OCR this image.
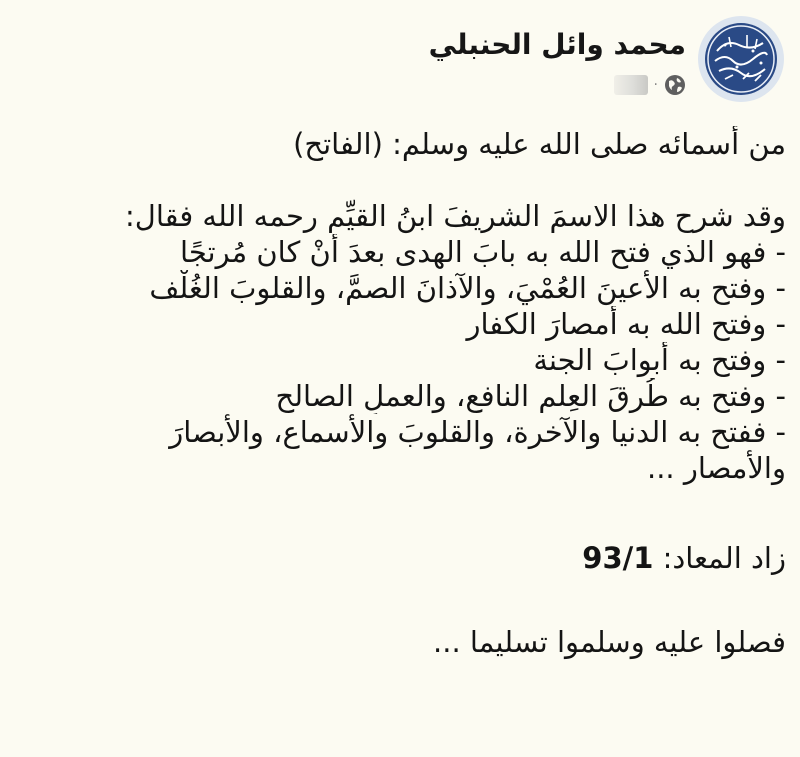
محمد وائل الحنبلي
·
من أسمائه صلى الله عليه وسلم: (الفاتح)
وقد شرح هذا الاسمَ الشريفَ ابنُ القيِّم رحمه الله فقال:
- فهو الذي فتح الله به بابَ الهدى بعدَ أنْ كان مُرتجًا
- وفتح به الأعينَ العُمْيَ، والآذانَ الصمَّ، والقلوبَ الغُلْف
- وفتح الله به أمصارَ الكفار
- وفتح به أبوابَ الجنة
- وفتح به طُرقَ العِلم النافع، والعملِ الصالح
- ففتح به الدنيا والآخرة، والقلوبَ والأسماع، والأبصارَ
والأمصار ...
زاد المعاد: 93/1
فصلوا عليه وسلموا تسليما ...
